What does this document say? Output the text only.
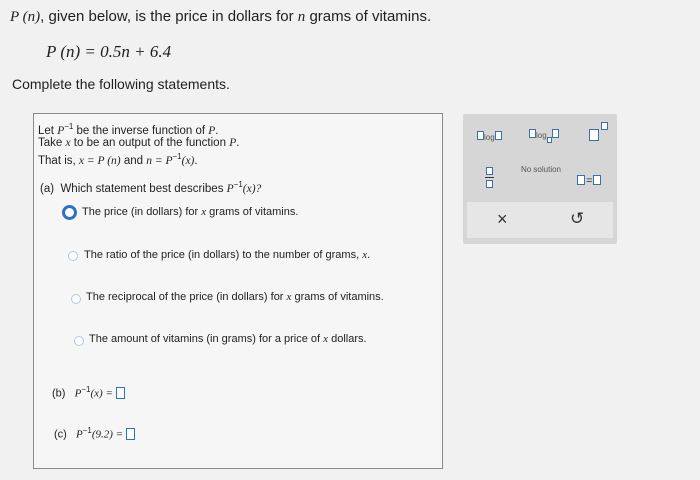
P (n), given below, is the price in dollars for n grams of vitamins.
P (n) = 0.5n + 6.4
Complete the following statements.
Let $P^{-1}$ be the inverse function of P.
Take x to be an output of the function P.
That is, x = P (n) and $n = P^{-1}(x)$.
(a) Which statement best describes $P^{-1}(x)$?
The price (in dollars) for x grams of vitamins.
The ratio of the price (in dollars) to the number of grams, x.
The reciprocal of the price (in dollars) for x grams of vitamins.
The amount of vitamins (in grams) for a price of x dollars.
(b) $P^{-1}(x)$ =
(c) $P^{-1}(9.2)$ =
log	log
No solution
=
×	↺
